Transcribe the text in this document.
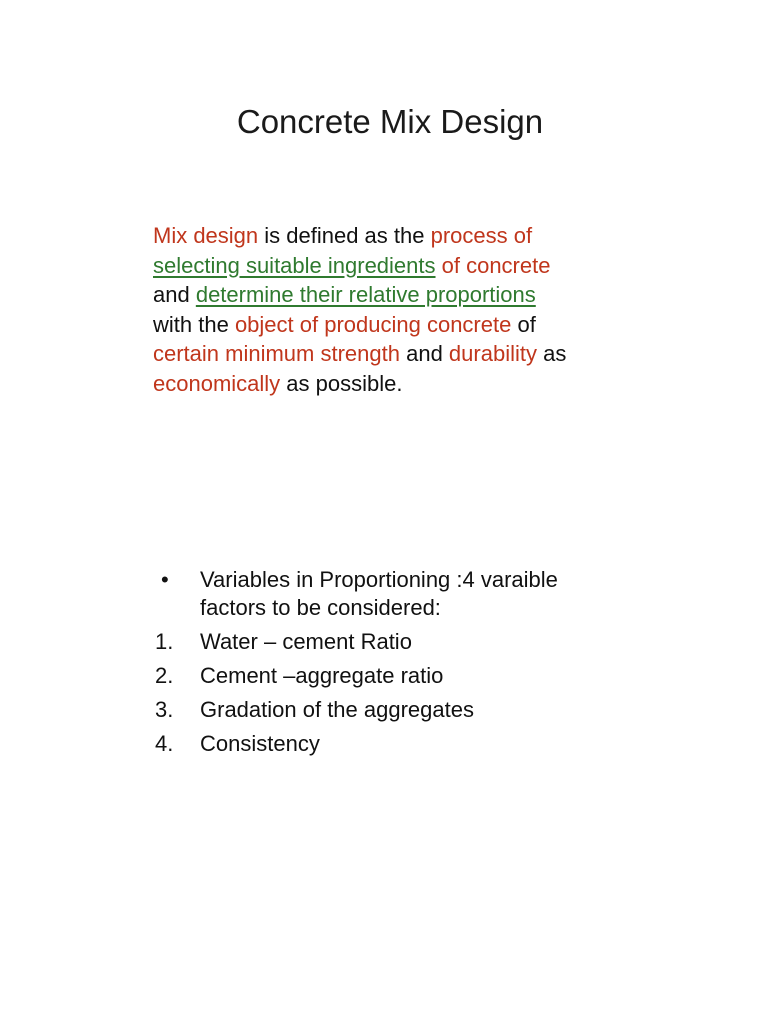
Concrete Mix Design
Mix design is defined as the process of
selecting suitable ingredients of concrete
and determine their relative proportions
with the object of producing concrete of
certain minimum strength and durability as
economically as possible.
•	Variables in Proportioning :4 varaible
factors to be considered:
1.	Water – cement Ratio
2.	Cement –aggregate ratio
3.	Gradation of the aggregates
4.	Consistency
